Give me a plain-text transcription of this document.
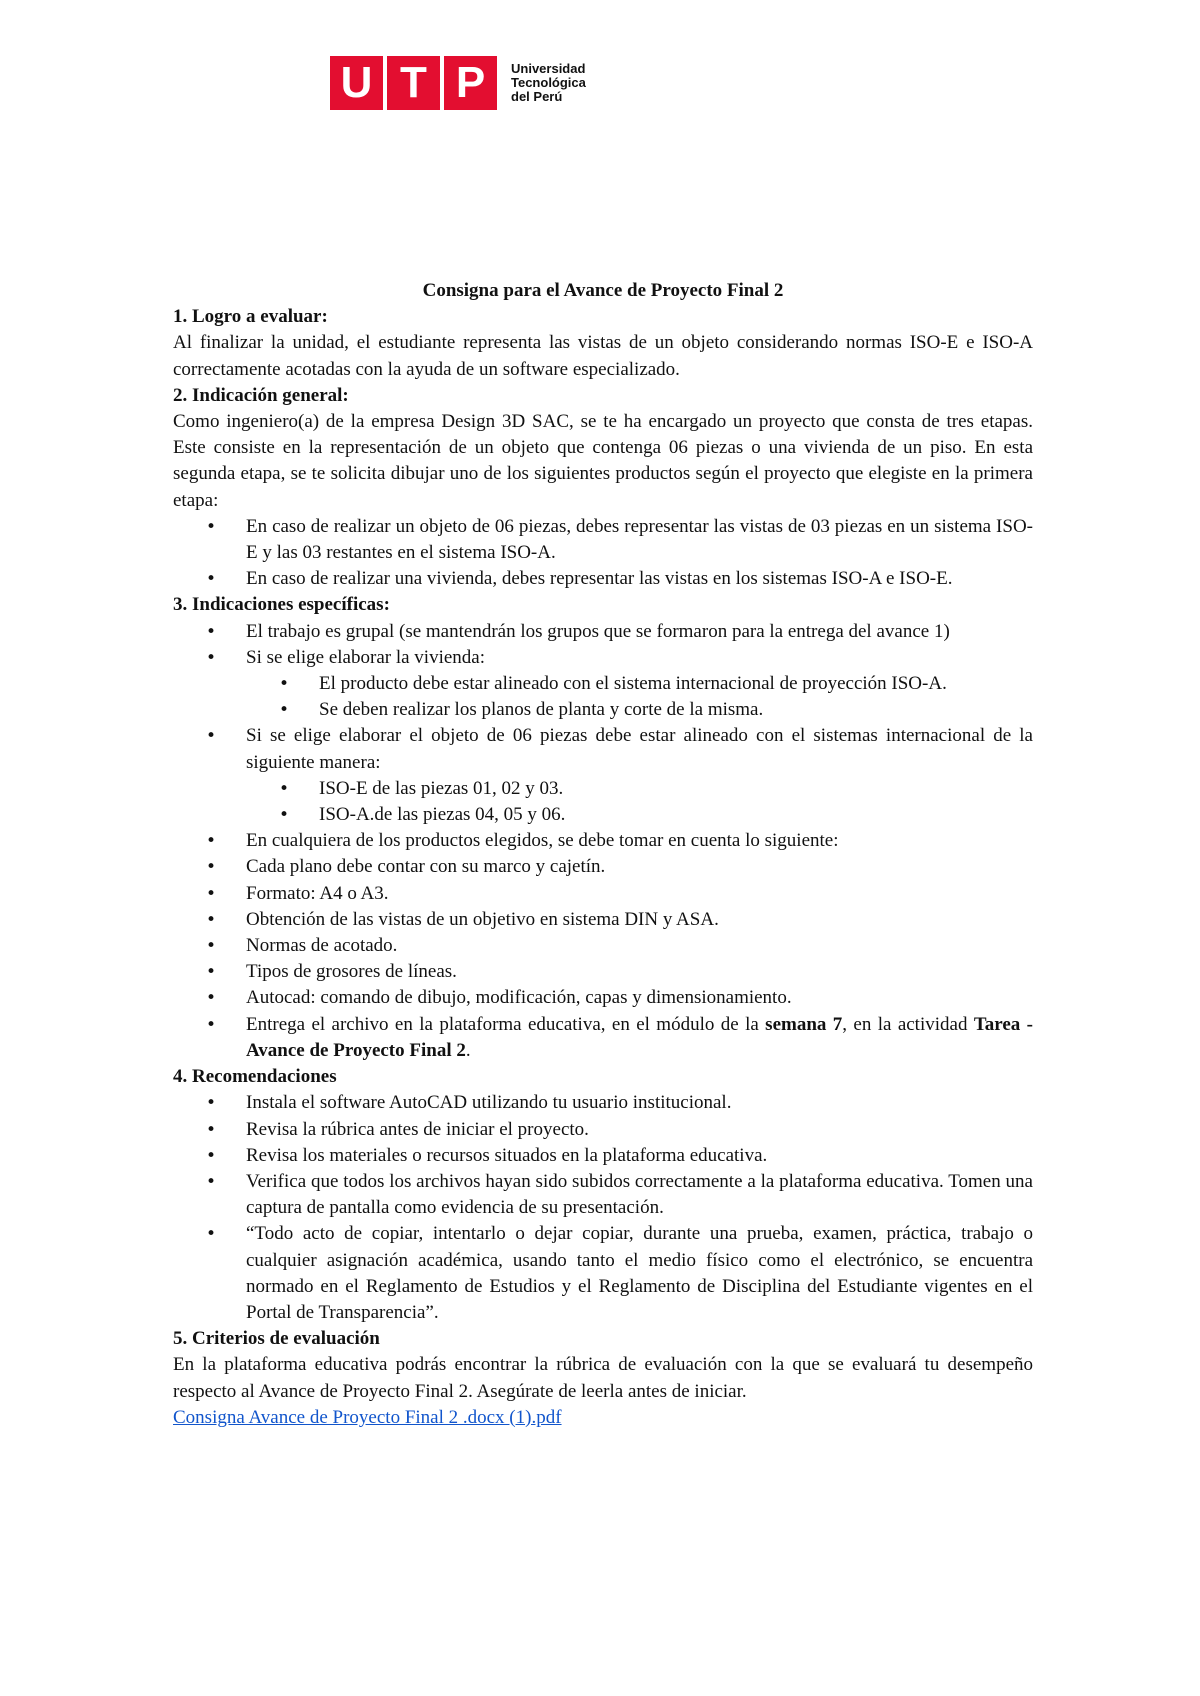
U T P	Universidad
Tecnológica
del Perú

Consigna para el Avance de Proyecto Final 2

1. Logro a evaluar:

Al finalizar la unidad, el estudiante representa las vistas de un objeto considerando normas ISO-E e ISO-A correctamente acotadas con la ayuda de un software especializado.

2. Indicación general:

Como ingeniero(a) de la empresa Design 3D SAC, se te ha encargado un proyecto que consta de tres etapas. Este consiste en la representación de un objeto que contenga 06 piezas o una vivienda de un piso. En esta segunda etapa, se te solicita dibujar uno de los siguientes productos según el proyecto que elegiste en la primera etapa:

• En caso de realizar un objeto de 06 piezas, debes representar las vistas de 03 piezas en un sistema ISO-E y las 03 restantes en el sistema ISO-A.
• En caso de realizar una vivienda, debes representar las vistas en los sistemas ISO-A e ISO-E.

3. Indicaciones específicas:

• El trabajo es grupal (se mantendrán los grupos que se formaron para la entrega del avance 1)
• Si se elige elaborar la vivienda:
• El producto debe estar alineado con el sistema internacional de proyección ISO-A.
• Se deben realizar los planos de planta y corte de la misma.
• Si se elige elaborar el objeto de 06 piezas debe estar alineado con el sistemas internacional de la siguiente manera:
• ISO-E de las piezas 01, 02 y 03.
• ISO-A.de las piezas 04, 05 y 06.
• En cualquiera de los productos elegidos, se debe tomar en cuenta lo siguiente:
• Cada plano debe contar con su marco y cajetín.
• Formato: A4 o A3.
• Obtención de las vistas de un objetivo en sistema DIN y ASA.
• Normas de acotado.
• Tipos de grosores de líneas.
• Autocad: comando de dibujo, modificación, capas y dimensionamiento.
• Entrega el archivo en la plataforma educativa, en el módulo de la semana 7, en la actividad Tarea - Avance de Proyecto Final 2.

4. Recomendaciones

• Instala el software AutoCAD utilizando tu usuario institucional.
• Revisa la rúbrica antes de iniciar el proyecto.
• Revisa los materiales o recursos situados en la plataforma educativa.
• Verifica que todos los archivos hayan sido subidos correctamente a la plataforma educativa. Tomen una captura de pantalla como evidencia de su presentación.
• “Todo acto de copiar, intentarlo o dejar copiar, durante una prueba, examen, práctica, trabajo o cualquier asignación académica, usando tanto el medio físico como el electrónico, se encuentra normado en el Reglamento de Estudios y el Reglamento de Disciplina del Estudiante vigentes en el Portal de Transparencia”.

5. Criterios de evaluación

En la plataforma educativa podrás encontrar la rúbrica de evaluación con la que se evaluará tu desempeño respecto al Avance de Proyecto Final 2. Asegúrate de leerla antes de iniciar.

Consigna Avance de Proyecto Final 2 .docx (1).pdf
